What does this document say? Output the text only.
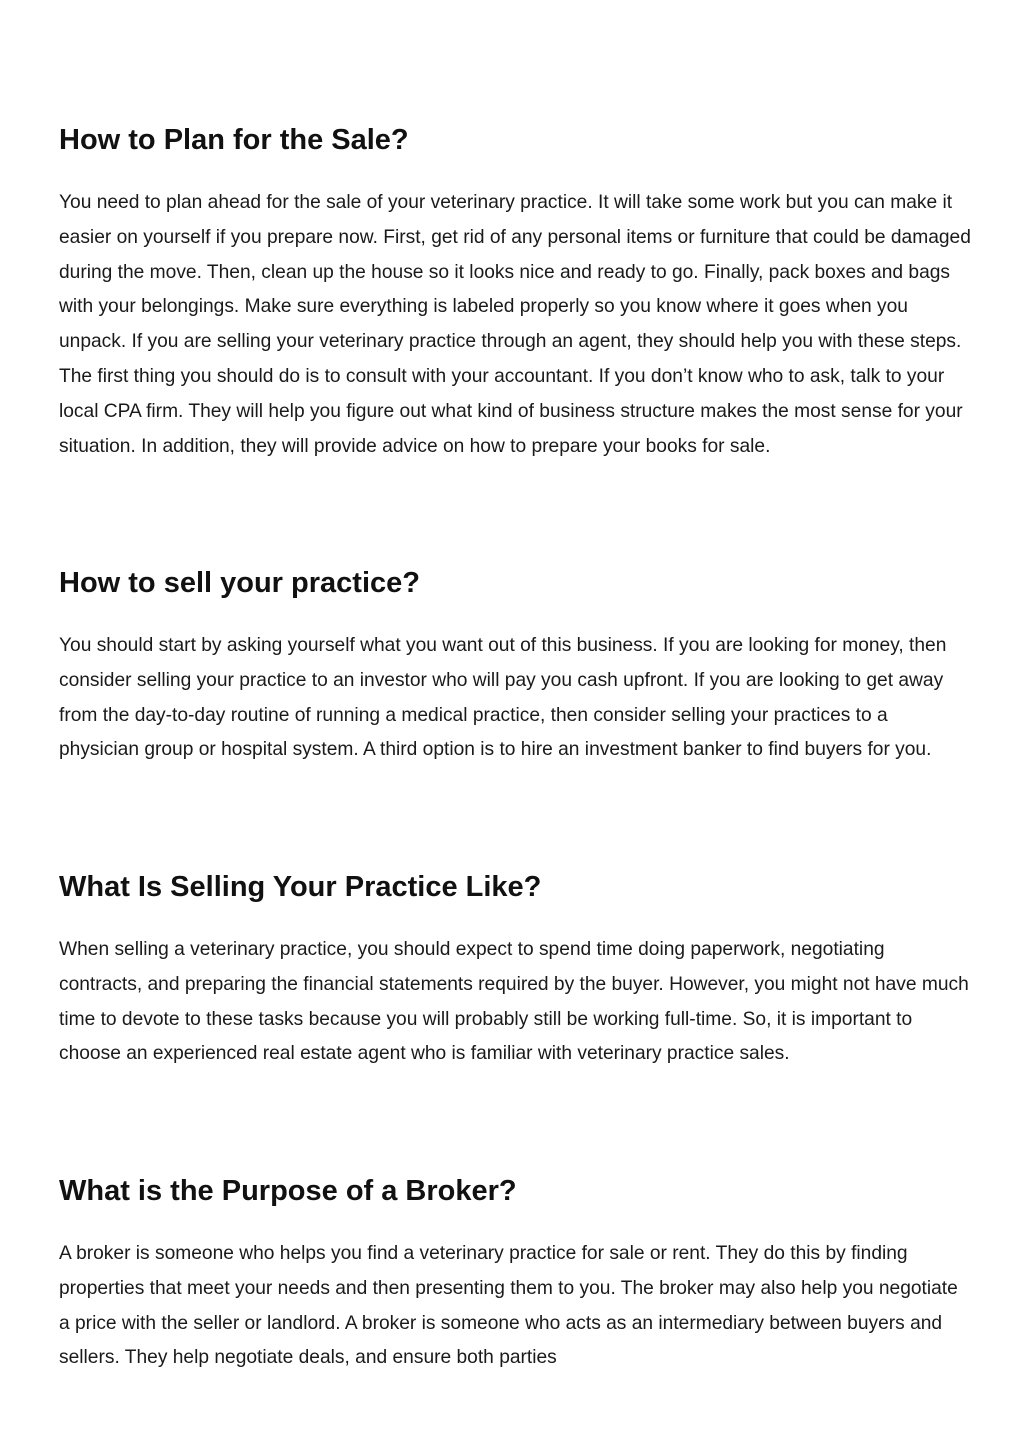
How to Plan for the Sale?

You need to plan ahead for the sale of your veterinary practice. It will take some work but you can make it easier on yourself if you prepare now. First, get rid of any personal items or furniture that could be damaged during the move. Then, clean up the house so it looks nice and ready to go. Finally, pack boxes and bags with your belongings. Make sure everything is labeled properly so you know where it goes when you unpack. If you are selling your veterinary practice through an agent, they should help you with these steps. The first thing you should do is to consult with your accountant. If you don’t know who to ask, talk to your local CPA firm. They will help you figure out what kind of business structure makes the most sense for your situation. In addition, they will provide advice on how to prepare your books for sale.

How to sell your practice?

You should start by asking yourself what you want out of this business. If you are looking for money, then consider selling your practice to an investor who will pay you cash upfront. If you are looking to get away from the day-to-day routine of running a medical practice, then consider selling your practices to a physician group or hospital system. A third option is to hire an investment banker to find buyers for you.

What Is Selling Your Practice Like?

When selling a veterinary practice, you should expect to spend time doing paperwork, negotiating contracts, and preparing the financial statements required by the buyer. However, you might not have much time to devote to these tasks because you will probably still be working full-time. So, it is important to choose an experienced real estate agent who is familiar with veterinary practice sales.

What is the Purpose of a Broker?

A broker is someone who helps you find a veterinary practice for sale or rent. They do this by finding properties that meet your needs and then presenting them to you. The broker may also help you negotiate a price with the seller or landlord. A broker is someone who acts as an intermediary between buyers and sellers. They help negotiate deals, and ensure both parties
